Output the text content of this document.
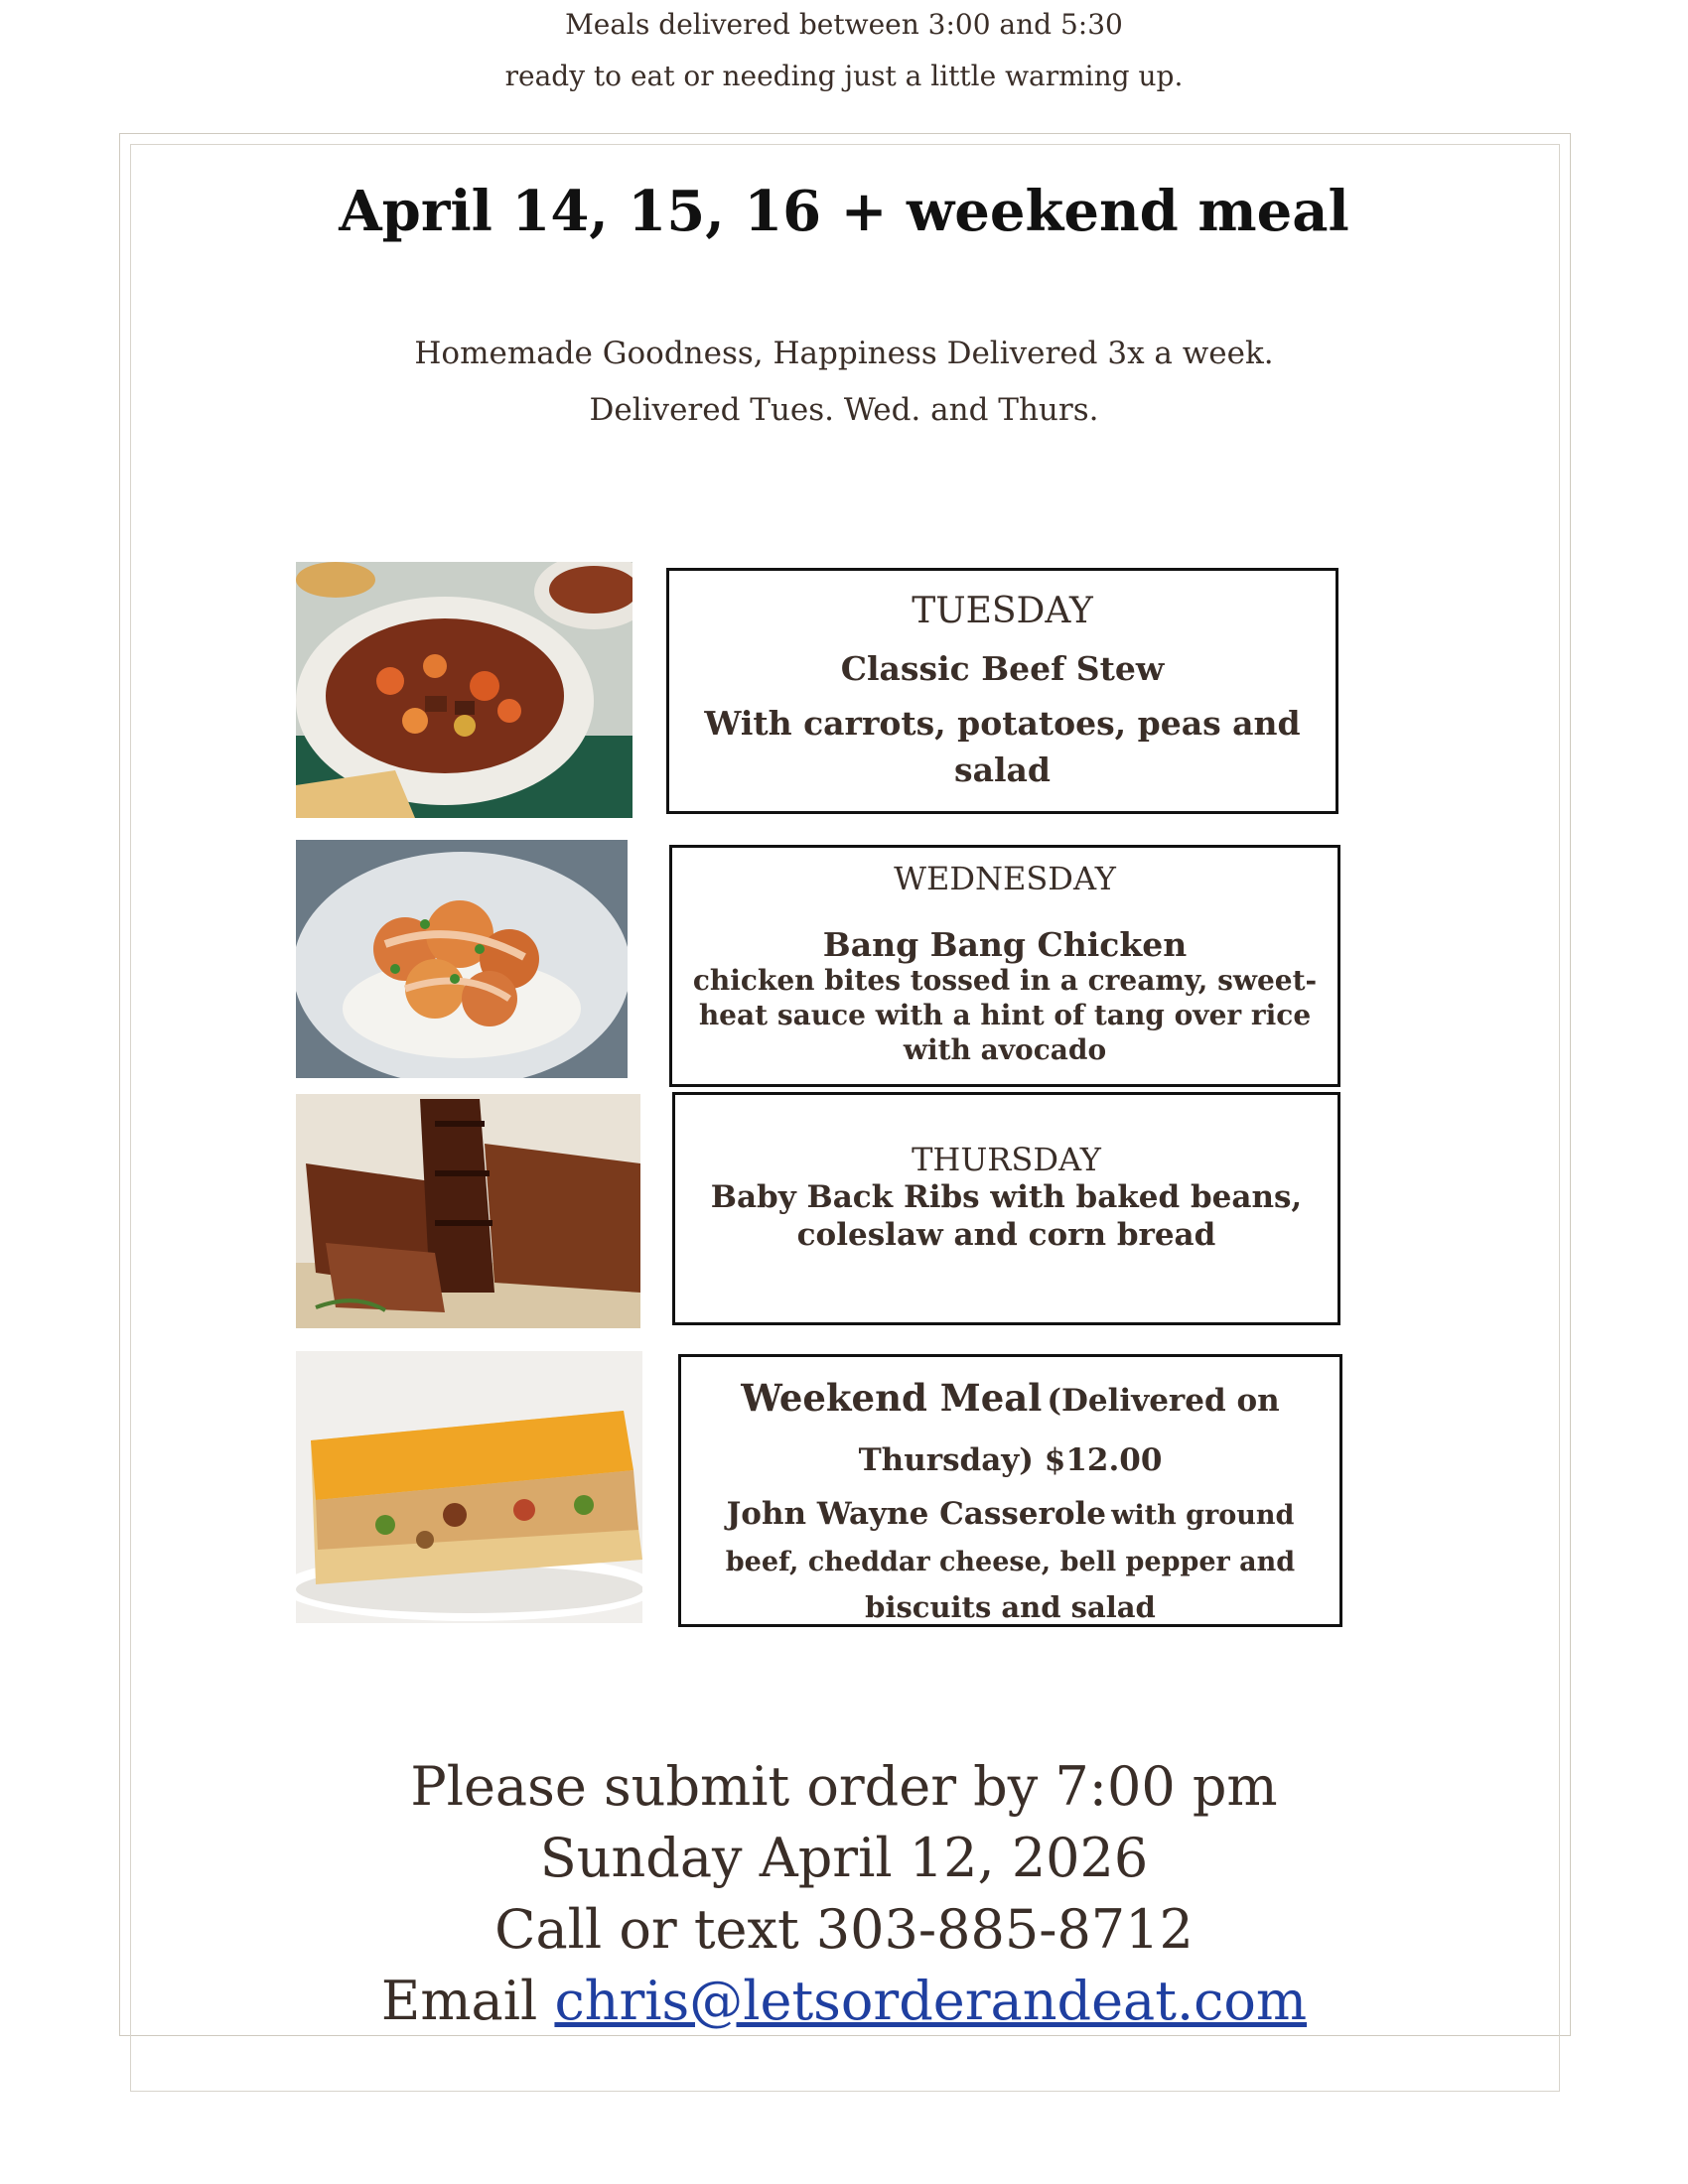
Meals delivered between 3:00 and 5:30
ready to eat or needing just a little warming up.
April 14, 15, 16 + weekend meal
Homemade Goodness, Happiness Delivered 3x a week.
Delivered Tues. Wed. and Thurs.
TUESDAY
Classic Beef Stew
With carrots, potatoes, peas and
salad
WEDNESDAY
Bang Bang Chicken
chicken bites tossed in a creamy, sweet-
heat sauce with a hint of tang over rice
with avocado
THURSDAY
Baby Back Ribs with baked beans,
coleslaw and corn bread
Weekend Meal (Delivered on
Thursday) $12.00
John Wayne Casserole with ground
beef, cheddar cheese, bell pepper and
biscuits and salad
Please submit order by 7:00 pm
Sunday April 12, 2026
Call or text 303-885-8712
Email chris@letsorderandeat.com
